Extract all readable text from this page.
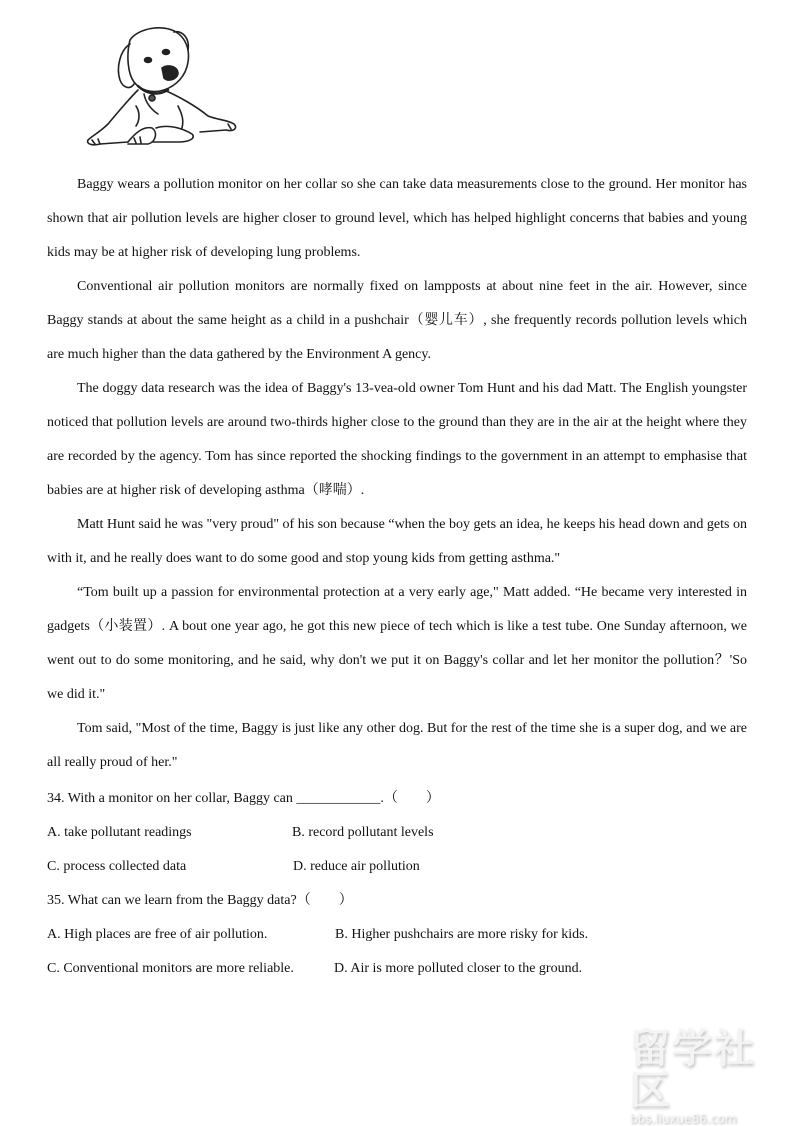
Baggy wears a pollution monitor on her collar so she can take data measurements close to the ground. Her monitor has shown that air pollution levels are higher closer to ground level, which has helped highlight concerns that babies and young kids may be at higher risk of developing lung problems.

Conventional air pollution monitors are normally fixed on lampposts at about nine feet in the air. However, since Baggy stands at about the same height as a child in a pushchair（婴儿车）, she frequently records pollution levels which are much higher than the data gathered by the Environment A gency.

The doggy data research was the idea of Baggy's 13-vea-old owner Tom Hunt and his dad Matt. The English youngster noticed that pollution levels are around two-thirds higher close to the ground than they are in the air at the height where they are recorded by the agency. Tom has since reported the shocking findings to the government in an attempt to emphasise that babies are at higher risk of developing asthma（哮喘）.

Matt Hunt said he was "very proud" of his son because “when the boy gets an idea, he keeps his head down and gets on with it, and he really does want to do some good and stop young kids from getting asthma."

“Tom built up a passion for environmental protection at a very early age," Matt added. “He became very interested in gadgets（小装置）. A bout one year ago, he got this new piece of tech which is like a test tube. One Sunday afternoon, we went out to do some monitoring, and he said, why don't we put it on Baggy's collar and let her monitor the pollution？'So we did it."

Tom said, "Most of the time, Baggy is just like any other dog. But for the rest of the time she is a super dog, and we are all really proud of her."

34. With a monitor on her collar, Baggy can ____________.（　　）
A. take pollutant readings	B. record pollutant levels
C. process collected data	D. reduce air pollution
35. What can we learn from the Baggy data?（　　）
A. High places are free of air pollution.	B. Higher pushchairs are more risky for kids.
C. Conventional monitors are more reliable.	D. Air is more polluted closer to the ground.
留学社区
bbs.liuxue86.com
